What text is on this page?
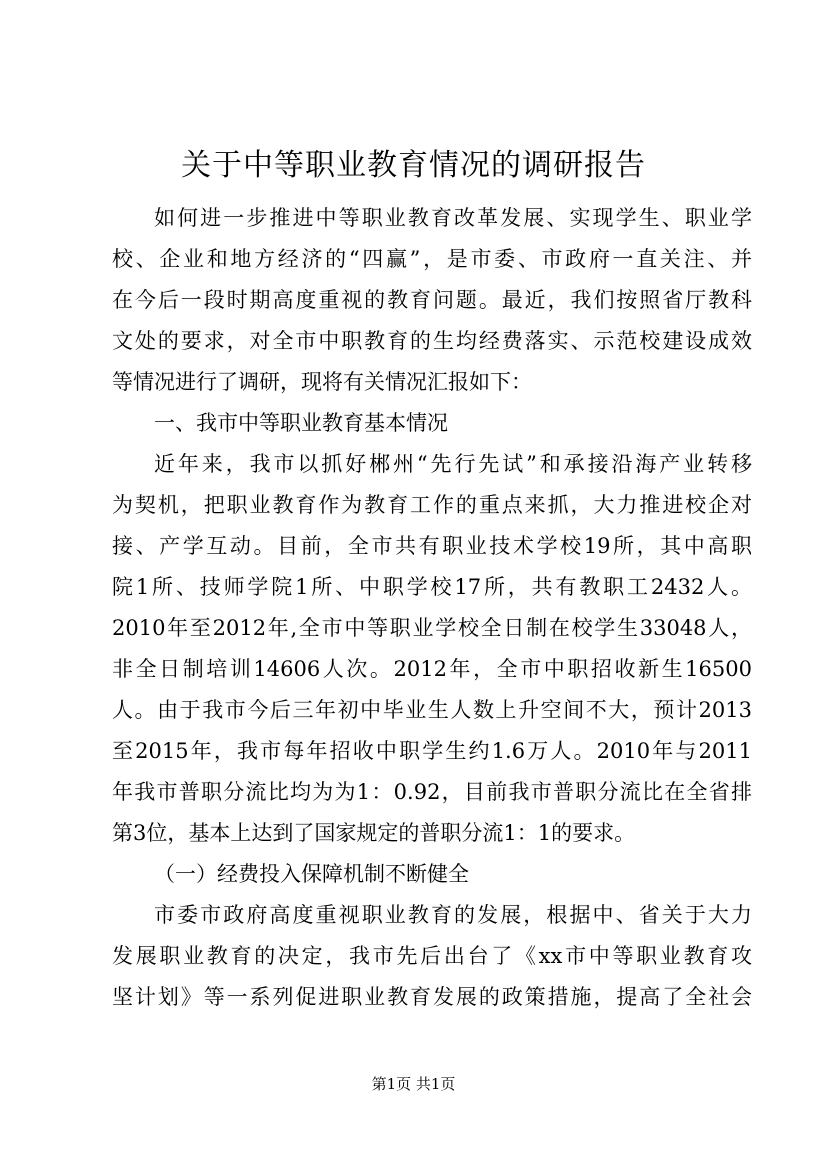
关于中等职业教育情况的调研报告
如何进一步推进中等职业教育改革发展、实现学生、职业学
校、企业和地方经济的“四赢”，是市委、市政府一直关注、并
在今后一段时期高度重视的教育问题。最近，我们按照省厅教科
文处的要求，对全市中职教育的生均经费落实、示范校建设成效
等情况进行了调研，现将有关情况汇报如下：
一、我市中等职业教育基本情况
近年来，我市以抓好郴州“先行先试”和承接沿海产业转移
为契机，把职业教育作为教育工作的重点来抓，大力推进校企对
接、产学互动。目前，全市共有职业技术学校19所，其中高职
院1所、技师学院1所、中职学校17所，共有教职工2432人。
2010年至2012年,全市中等职业学校全日制在校学生33048人，
非全日制培训14606人次。2012年，全市中职招收新生16500
人。由于我市今后三年初中毕业生人数上升空间不大，预计2013
至2015年，我市每年招收中职学生约1.6万人。2010年与2011
年我市普职分流比均为为1：0.92，目前我市普职分流比在全省排
第3位，基本上达到了国家规定的普职分流1：1的要求。
（一）经费投入保障机制不断健全
市委市政府高度重视职业教育的发展，根据中、省关于大力
发展职业教育的决定，我市先后出台了《xx市中等职业教育攻
坚计划》等一系列促进职业教育发展的政策措施，提高了全社会
第1页 共1页
